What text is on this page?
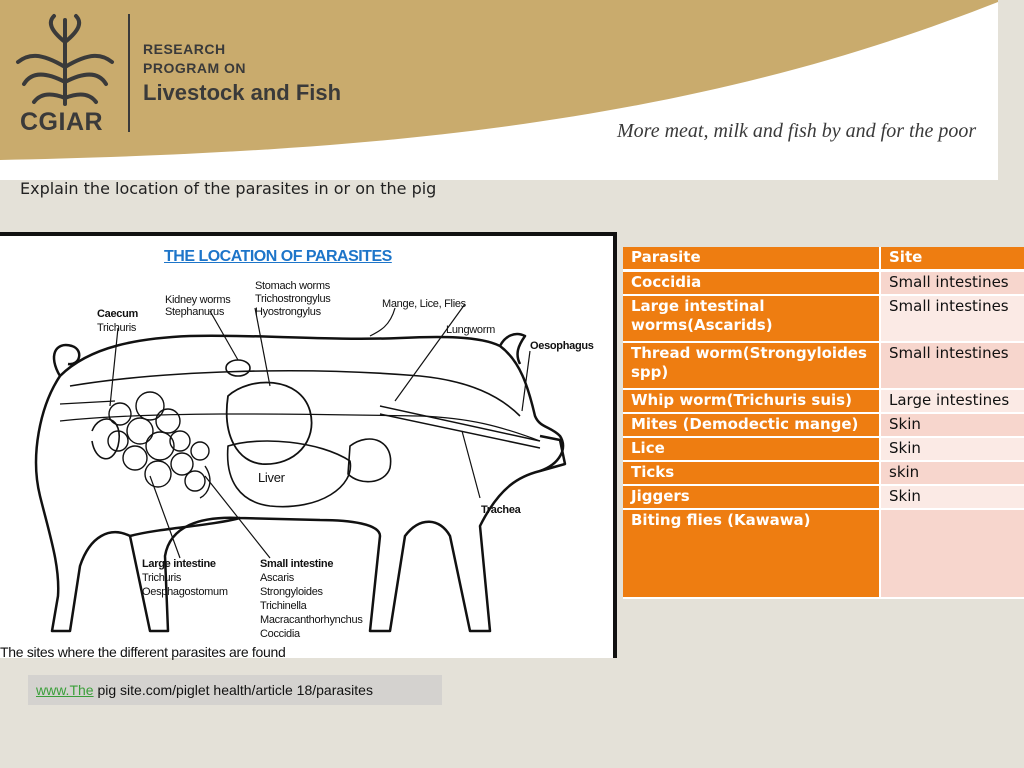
CGIAR
RESEARCH
PROGRAM ON
Livestock and Fish
More meat, milk and fish by and for the poor
Explain the location of the parasites in or on the pig
THE LOCATION OF PARASITES
Caecum
Trichuris
Kidney worms
Stephanurus
Stomach worms
Trichostrongylus
Hyostrongylus
Mange, Lice, Flies
Lungworm
Oesophagus
Liver
Trachea
Large intestine
Trichuris
Oesphagostomum
Small intestine
Ascaris
Strongyloides
Trichinella
Macracanthorhynchus
Coccidia
The sites where the different parasites are found
Parasite	Site
Coccidia	Small intestines
Large intestinal worms(Ascarids)	Small intestines
Thread worm(Strongyloides spp)	Small intestines
Whip worm(Trichuris suis)	Large intestines
Mites (Demodectic mange)	Skin
Lice	Skin
Ticks	skin
Jiggers	Skin
Biting flies (Kawawa)	
www.The pig site.com/piglet health/article 18/parasites
